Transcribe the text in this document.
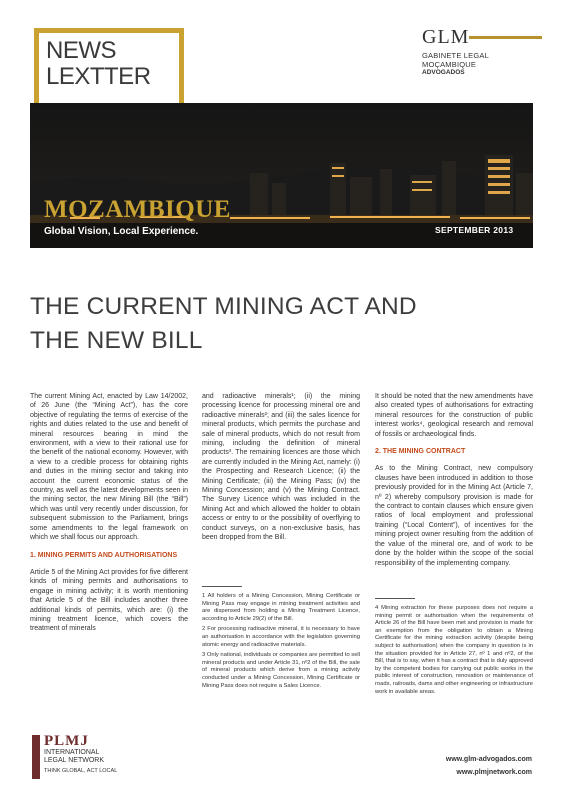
NEWS
LEXTTER
GLM
GABINETE LEGAL MOÇAMBIQUE
ADVOGADOS
MOZAMBIQUE
Global Vision, Local Experience.	SEPTEMBER 2013
THE CURRENT MINING ACT AND
THE NEW BILL

The current Mining Act, enacted by Law 14/2002, of 26 June (the “Mining Act”), has the core objective of regulating the terms of exercise of the rights and duties related to the use and benefit of mineral resources bearing in mind the environment, with a view to their rational use for the benefit of the national economy. However, with a view to a credible process for obtaining rights and duties in the mining sector and taking into account the current economic status of the country, as well as the latest developments seen in the mining sector, the new Mining Bill (the “Bill”) which was until very recently under discussion, for subsequent submission to the Parliament, brings some amendments to the legal framework on which we shall focus our approach.

1. MINING PERMITS AND AUTHORISATIONS

Article 5 of the Mining Act provides for five different kinds of mining permits and authorisations to engage in mining activity; it is worth mentioning that Article 5 of the Bill includes another three additional kinds of permits, which are: (i) the mining treatment licence, which covers the treatment of minerals

and radioactive minerals¹; (ii) the mining processing licence for processing mineral ore and radioactive minerals²; and (iii) the sales licence for mineral products, which permits the purchase and sale of mineral products, which do not result from mining, including the definition of mineral products³. The remaining licences are those which are currently included in the Mining Act, namely: (i) the Prospecting and Research Licence; (ii) the Mining Certificate; (iii) the Mining Pass; (iv) the Mining Concession; and (v) the Mining Contract. The Survey Licence which was included in the Mining Act and which allowed the holder to obtain access or entry to or the possibility of overflying to conduct surveys, on a non-exclusive basis, has been dropped from the Bill.

It should be noted that the new amendments have also created types of authorisations for extracting mineral resources for the construction of public interest works⁴, geological research and removal of fossils or archaeological finds.

2. THE MINING CONTRACT

As to the Mining Contract, new compulsory clauses have been introduced in addition to those previously provided for in the Mining Act (Article 7, nº 2) whereby compulsory provision is made for the contract to contain clauses which ensure given ratios of local employment and professional training (“Local Content”), of incentives for the mining project owner resulting from the addition of the value of the mineral ore, and of work to be done by the holder within the scope of the social responsibility of the implementing company.

1 All holders of a Mining Concession, Mining Certificate or Mining Pass may engage in mining treatment activities and are dispensed from holding a Mining Treatment Licence, according to Article 29(2) of the Bill.

2 For processing radioactive mineral, it is necessary to have an authorisation in accordance with the legislation governing atomic energy and radioactive materials.

3 Only national, individuals or companies are permitted to sell mineral products and under Article 31, nº2 of the Bill, the sale of mineral products which derive from a mining activity conducted under a Mining Concession, Mining Certificate or Mining Pass does not require a Sales Licence.

4 Mining extraction for these purposes does not require a mining permit or authorisation when the requirements of Article 26 of the Bill have been met and provision is made for an exemption from the obligation to obtain a Mining Certificate for the mining extraction activity (despite being subject to authorisation) when the company in question is in the situation provided for in Article 27, nº 1 and nº2, of the Bill, that is to say, when it has a contract that is duly approved by the competent bodies for carrying out public works in the public interest of construction, renovation or maintenance of roads, railroads, dams and other engineering or infrastructure work in available areas.

PLMJ
INTERNATIONAL
LEGAL NETWORK
THINK GLOBAL, ACT LOCAL
www.glm-advogados.com
www.plmjnetwork.com
